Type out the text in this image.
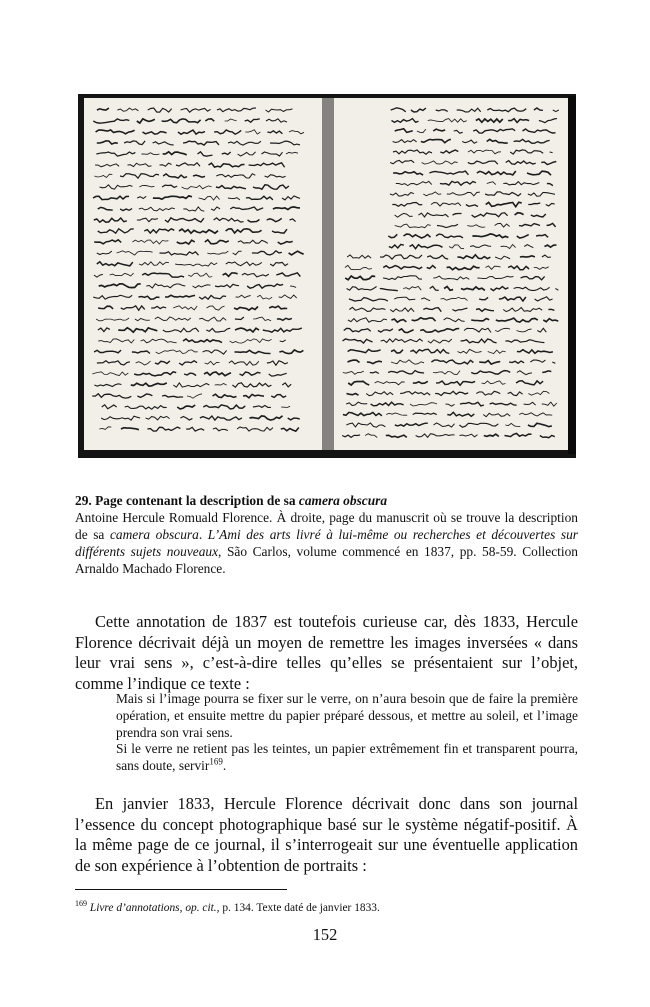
29. Page contenant la description de sa camera obscura
Antoine Hercule Romuald Florence. À droite, page du manuscrit où se trouve la description de sa camera obscura. L’Ami des arts livré à lui-même ou recherches et découvertes sur différents sujets nouveaux, São Carlos, volume commencé en 1837, pp. 58-59. Collection Arnaldo Machado Florence.

Cette annotation de 1837 est toutefois curieuse car, dès 1833, Hercule Florence décrivait déjà un moyen de remettre les images inversées « dans leur vrai sens », c’est-à-dire telles qu’elles se présentaient sur l’objet, comme l’indique ce texte :

Mais si l’image pourra se fixer sur le verre, on n’aura besoin que de faire la première opération, et ensuite mettre du papier préparé dessous, et mettre au soleil, et l’image prendra son vrai sens.

Si le verre ne retient pas les teintes, un papier extrêmement fin et transparent pourra, sans doute, servir$^{169}$.

En janvier 1833, Hercule Florence décrivait donc dans son journal l’essence du concept photographique basé sur le système négatif-positif. À la même page de ce journal, il s’interrogeait sur une éventuelle application de son expérience à l’obtention de portraits :

$^{169}$ Livre d’annotations, op. cit., p. 134. Texte daté de janvier 1833.
152
